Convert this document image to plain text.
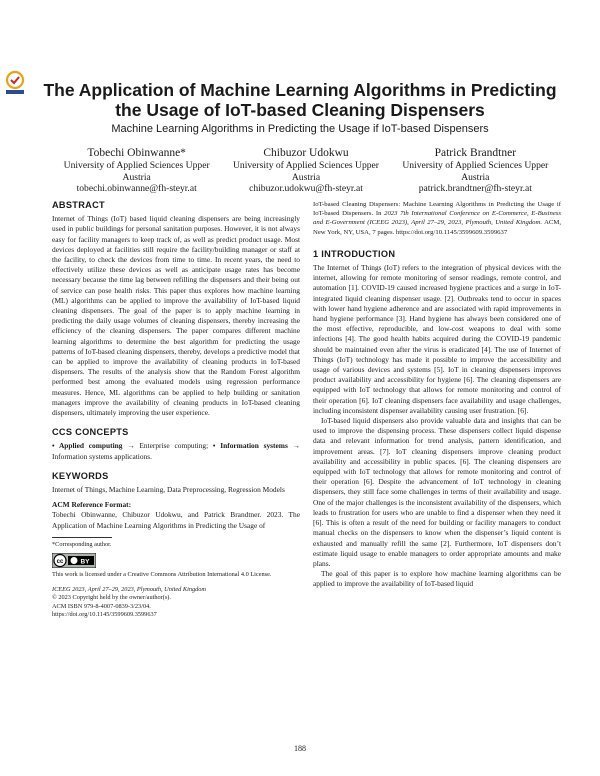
The Application of Machine Learning Algorithms in Predicting
the Usage of IoT-based Cleaning Dispensers
Machine Learning Algorithms in Predicting the Usage if IoT-based Dispensers
Tobechi Obinwanne*
University of Applied Sciences Upper
Austria
tobechi.obinwanne@fh-steyr.at
Chibuzor Udokwu
University of Applied Sciences Upper
Austria
chibuzor.udokwu@fh-steyr.at
Patrick Brandtner
University of Applied Sciences Upper
Austria
patrick.brandtner@fh-steyr.at
ABSTRACT

Internet of Things (IoT) based liquid cleaning dispensers are being increasingly used in public buildings for personal sanitation purposes. However, it is not always easy for facility managers to keep track of, as well as predict product usage. Most devices deployed at facilities still require the facility/building manager or staff at the facility, to check the devices from time to time. In recent years, the need to effectively utilize these devices as well as anticipate usage rates has become necessary because the time lag between refilling the dispensers and their being out of service can pose health risks. This paper thus explores how machine learning (ML) algorithms can be applied to improve the availability of IoT-based liquid cleaning dispensers. The goal of the paper is to apply machine learning in predicting the daily usage volumes of cleaning dispensers, thereby increasing the efficiency of the cleaning dispensers. The paper compares different machine learning algorithms to determine the best algorithm for predicting the usage patterns of IoT-based cleaning dispensers, thereby, develops a predictive model that can be applied to improve the availability of cleaning products in IoT-based dispensers. The results of the analysis show that the Random Forest algorithm performed best among the evaluated models using regression performance measures. Hence, ML algorithms can be applied to help building or sanitation managers improve the availability of cleaning products in IoT-based cleaning dispensers, ultimately improving the user experience.

CCS CONCEPTS

• Applied computing → Enterprise computing; • Information systems → Information systems applications.

KEYWORDS

Internet of Things, Machine Learning, Data Preprocessing, Regression Models

ACM Reference Format:

Tobechi Obinwanne, Chibuzor Udokwu, and Patrick Brandtner. 2023. The Application of Machine Learning Algorithms in Predicting the Usage of

*Corresponding author.

cc	BY

This work is licensed under a Creative Commons Attribution International 4.0 License.

ICEEG 2023, April 27–29, 2023, Plymouth, United Kingdom

© 2023 Copyright held by the owner/author(s).

ACM ISBN 979-8-4007-0839-3/23/04.

https://doi.org/10.1145/3599609.3599637

IoT-based Cleaning Dispensers: Machine Learning Algorithms in Predicting the Usage if IoT-based Dispensers. In 2023 7th International Conference on E-Commerce, E-Business and E-Government (ICEEG 2023), April 27–29, 2023, Plymouth, United Kingdom. ACM, New York, NY, USA, 7 pages. https://doi.org/10.1145/3599609.3599637

1 INTRODUCTION

The Internet of Things (IoT) refers to the integration of physical devices with the internet, allowing for remote monitoring of sensor readings, remote control, and automation [1]. COVID-19 caused increased hygiene practices and a surge in IoT-integrated liquid cleaning dispenser usage. [2]. Outbreaks tend to occur in spaces with lower hand hygiene adherence and are associated with rapid improvements in hand hygiene performance [3]. Hand hygiene has always been considered one of the most effective, reproducible, and low-cost weapons to deal with some infections [4]. The good health habits acquired during the COVID-19 pandemic should be maintained even after the virus is eradicated [4]. The use of Internet of Things (IoT) technology has made it possible to improve the accessibility and usage of various devices and systems [5]. IoT in cleaning dispensers improves product availability and accessibility for hygiene [6]. The cleaning dispensers are equipped with IoT technology that allows for remote monitoring and control of their operation [6]. IoT cleaning dispensers face availability and usage challenges, including inconsistent dispenser availability causing user frustration. [6].

IoT-based liquid dispensers also provide valuable data and insights that can be used to improve the dispensing process. These dispensers collect liquid dispense data and relevant information for trend analysis, pattern identification, and improvement areas. [7]. IoT cleaning dispensers improve cleaning product availability and accessibility in public spaces. [6]. The cleaning dispensers are equipped with IoT technology that allows for remote monitoring and control of their operation [6]. Despite the advancement of IoT technology in cleaning dispensers, they still face some challenges in terms of their availability and usage. One of the major challenges is the inconsistent availability of the dispensers, which leads to frustration for users who are unable to find a dispenser when they need it [6]. This is often a result of the need for building or facility managers to conduct manual checks on the dispensers to know when the dispenser’s liquid content is exhausted and manually refill the same [2]. Furthermore, IoT dispensers don’t estimate liquid usage to enable managers to order appropriate amounts and make plans.

The goal of this paper is to explore how machine learning algorithms can be applied to improve the availability of IoT-based liquid

188
